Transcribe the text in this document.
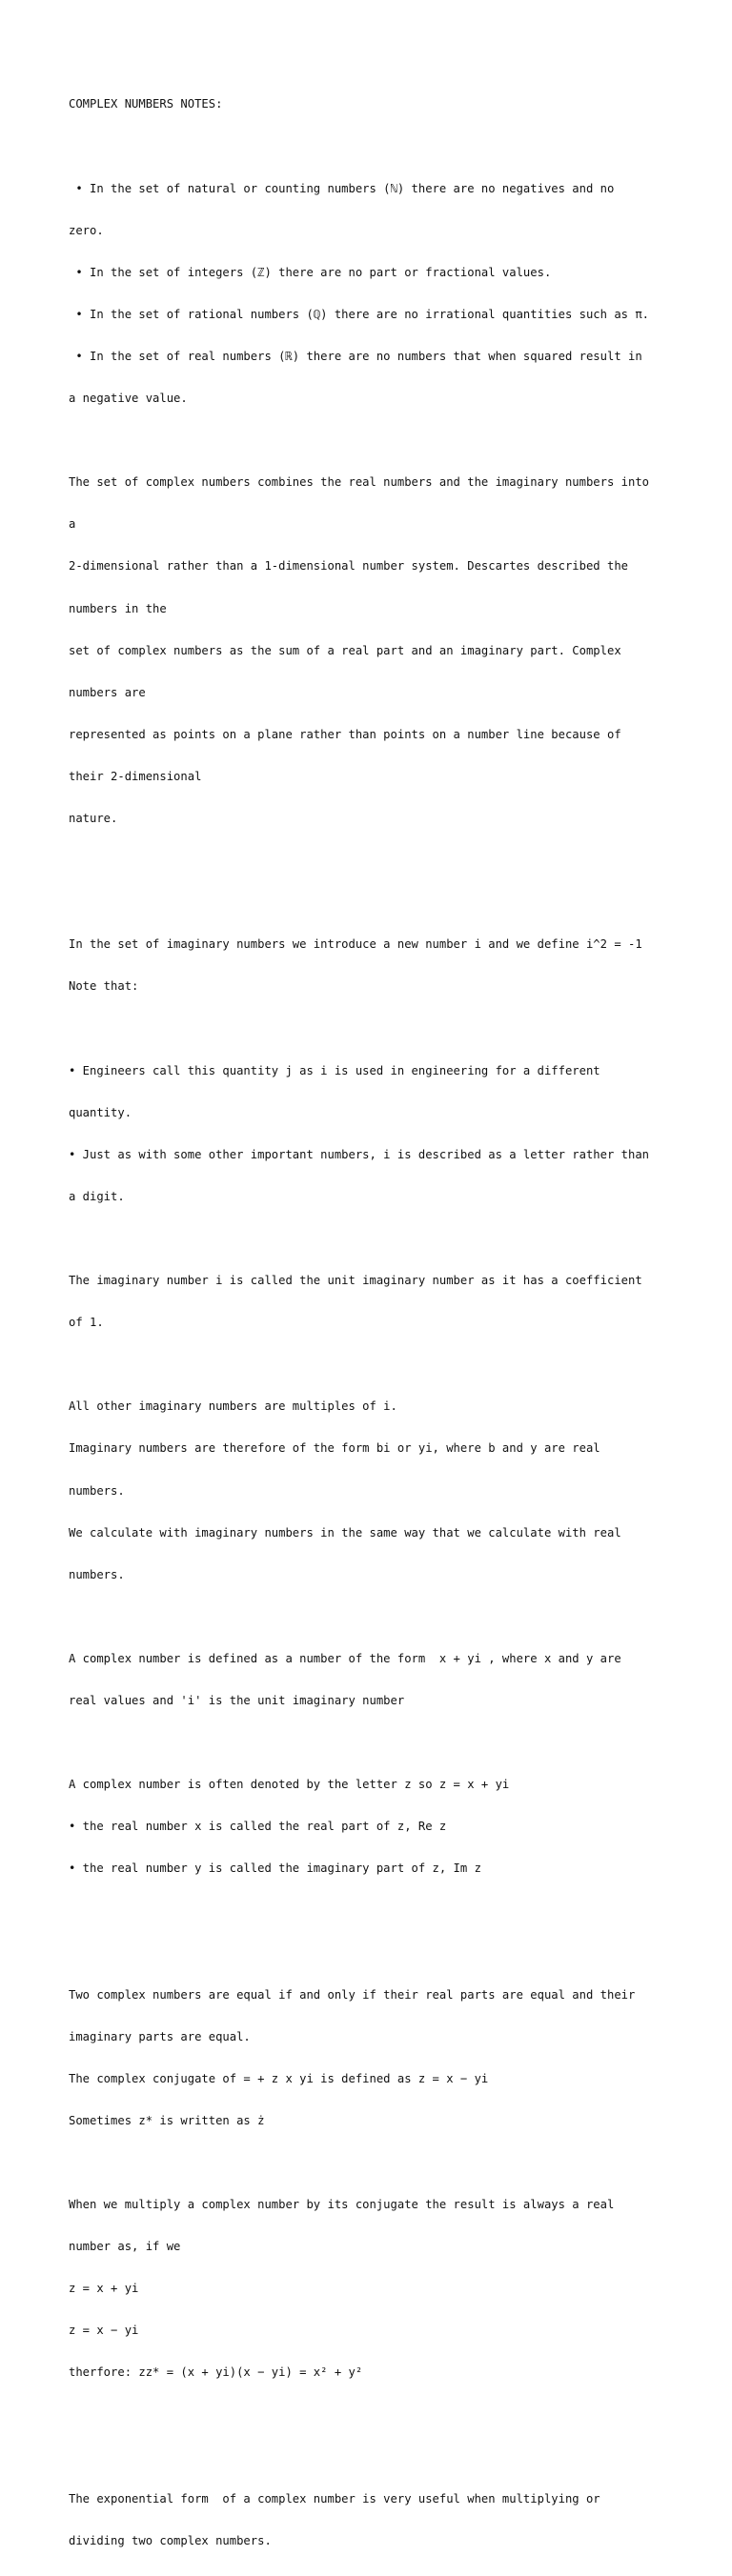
COMPLEX NUMBERS NOTES:

• In the set of natural or counting numbers (ℕ) there are no negatives and no

zero.

• In the set of integers (ℤ) there are no part or fractional values.

• In the set of rational numbers (ℚ) there are no irrational quantities such as π.

• In the set of real numbers (ℝ) there are no numbers that when squared result in

a negative value.

The set of complex numbers combines the real numbers and the imaginary numbers into

a

2-dimensional rather than a 1-dimensional number system. Descartes described the

numbers in the

set of complex numbers as the sum of a real part and an imaginary part. Complex

numbers are

represented as points on a plane rather than points on a number line because of

their 2-dimensional

nature.

In the set of imaginary numbers we introduce a new number i and we define i^2 = -1

Note that:

• Engineers call this quantity j as i is used in engineering for a different

quantity.

• Just as with some other important numbers, i is described as a letter rather than

a digit.

The imaginary number i is called the unit imaginary number as it has a coefficient

of 1.

All other imaginary numbers are multiples of i.

Imaginary numbers are therefore of the form bi or yi, where b and y are real

numbers.

We calculate with imaginary numbers in the same way that we calculate with real

numbers.

A complex number is defined as a number of the form  x + yi , where x and y are

real values and 'i' is the unit imaginary number

A complex number is often denoted by the letter z so z = x + yi

• the real number x is called the real part of z, Re z

• the real number y is called the imaginary part of z, Im z

Two complex numbers are equal if and only if their real parts are equal and their

imaginary parts are equal.

The complex conjugate of = + z x yi is defined as z = x − yi

Sometimes z* is written as ż

When we multiply a complex number by its conjugate the result is always a real

number as, if we

z = x + yi

z = x − yi

therfore: zz* = (x + yi)(x − yi) = x² + y²

The exponential form  of a complex number is very useful when multiplying or

dividing two complex numbers.
